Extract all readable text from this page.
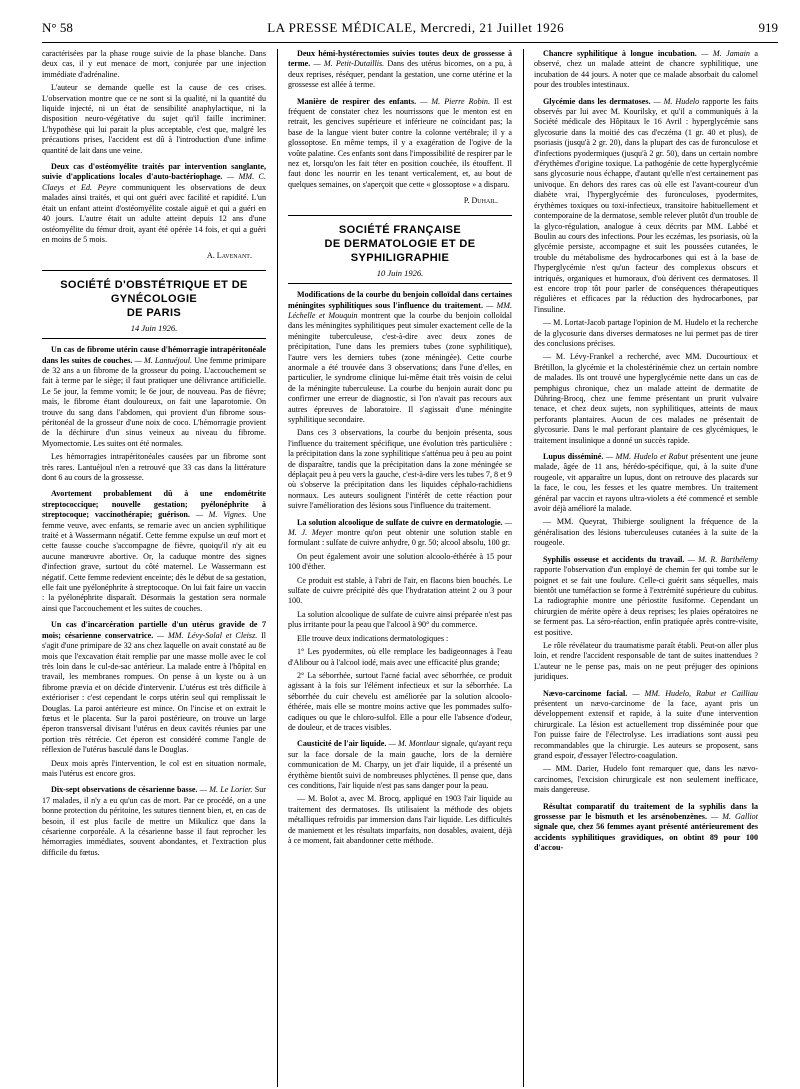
N° 58	LA PRESSE MÉDICALE, Mercredi, 21 Juillet 1926	919

caractérisées par la phase rouge suivie de la phase blanche. Dans deux cas, il y eut menace de mort, conjurée par une injection immédiate d'adrénaline.

L'auteur se demande quelle est la cause de ces crises. L'observation montre que ce ne sont si la qualité, ni la quantité du liquide injecté, ni un état de sensibilité anaphylactique, ni la disposition neuro-végétative du sujet qu'il faille incriminer. L'hypothèse qui lui parait la plus acceptable, c'est que, malgré les précautions prises, l'accident est dû à l'introduction d'une infime quantité de lait dans une veine.

Deux cas d'ostéomyélite traités par intervention sanglante, suivie d'applications locales d'auto-bactériophage. — MM. C. Claeys et Ed. Peyre communiquent les observations de deux malades ainsi traités, et qui ont guéri avec facilité et rapidité. L'un était un enfant atteint d'ostéomyélite costale aiguë et qui a guéri en 40 jours. L'autre était un adulte atteint depuis 12 ans d'une ostéomyélite du fémur droit, ayant été opérée 14 fois, et qui a guéri en moins de 5 mois.

A. Lavenant.

SOCIÉTÉ D'OBSTÉTRIQUE ET DE GYNÉCOLOGIE
DE PARIS
14 Juin 1926.

Un cas de fibrome utérin cause d'hémorragie intrapéritonéale dans les suites de couches. — M. Lantuéjoul. Une femme primipare de 32 ans a un fibrome de la grosseur du poing. L'accouchement se fait à terme par le siège; il faut pratiquer une délivrance artificielle. Le 5e jour, la femme vomit; le 6e jour, de nouveau. Pas de fièvre; mais, le fibrome étant douloureux, on fait une laparotomie. On trouve du sang dans l'abdomen, qui provient d'un fibrome sous-péritonéal de la grosseur d'une noix de coco. L'hémorragie provient de la déchirure d'un sinus veineux au niveau du fibrome. Myomectomie. Les suites ont été normales.

Les hémorragies intrapéritonéales causées par un fibrome sont très rares. Lantuéjoul n'en a retrouvé que 33 cas dans la littérature dont 6 au cours de la grossesse.

Avortement probablement dû à une endométrite streptococcique; nouvelle gestation; pyélonéphrite à streptocoque; vaccinothérapie; guérison. — M. Vignes. Une femme veuve, avec enfants, se remarie avec un ancien syphilitique traité et à Wassermann négatif. Cette femme expulse un œuf mort et cette fausse couche s'accompagne de fièvre, quoiqu'il n'y ait eu aucune manœuvre abortive. Or, la caduque montre des signes d'infection grave, surtout du côté maternel. Le Wassermann est négatif. Cette femme redevient enceinte; dès le début de sa gestation, elle fait une pyélonéphrite à streptocoque. On lui fait faire un vaccin : la pyélonéphrite disparaît. Désormais la gestation sera normale ainsi que l'accouchement et les suites de couches.

Un cas d'incarcération partielle d'un utérus gravide de 7 mois; césarienne conservatrice. — MM. Lévy-Solal et Cleisz. Il s'agit d'une primipare de 32 ans chez laquelle on avait constaté au 8e mois que l'excavation était remplie par une masse molle avec le col très loin dans le cul-de-sac antérieur. La malade entre à l'hôpital en travail, les membranes rompues. On pense à un kyste ou à un fibrome prævia et on décide d'intervenir. L'utérus est très difficile à extérioriser : c'est cependant le corps utérin seul qui remplissait le Douglas. La paroi antérieure est mince. On l'incise et on extrait le fœtus et le placenta. Sur la paroi postérieure, on trouve un large éperon transversal divisant l'utérus en deux cavités réunies par une portion très rétrécie. Cet éperon est considéré comme l'angle de réflexion de l'utérus basculé dans le Douglas.

Deux mois après l'intervention, le col est en situation normale, mais l'utérus est encore gros.

Dix-sept observations de césarienne basse. — M. Le Lorier. Sur 17 malades, il n'y a eu qu'un cas de mort. Par ce procédé, on a une bonne protection du péritoine, les sutures tiennent bien, et, en cas de besoin, il est plus facile de mettre un Mikulicz que dans la césarienne corporéale. A la césarienne basse il faut reprocher les hémorragies immédiates, souvent abondantes, et l'extraction plus difficile du fœtus.

Deux hémi-hystérectomies suivies toutes deux de grossesse à terme. — M. Petit-Dutaillis. Dans des utérus bicornes, on a pu, à deux reprises, réséquer, pendant la gestation, une corne utérine et la grossesse est allée à terme.

Manière de respirer des enfants. — M. Pierre Robin. Il est fréquent de constater chez les nourrissons que le menton est en retrait, les gencives supérieure et inférieure ne coïncidant pas; la base de la langue vient buter contre la colonne vertébrale; il y a glossoptose. En même temps, il y a exagération de l'ogive de la voûte palatine. Ces enfants sont dans l'impossibilité de respirer par le nez et, lorsqu'on les fait téter en position couchée, ils étouffent. Il faut donc les nourrir en les tenant verticalement, et, au bout de quelques semaines, on s'aperçoit que cette « glossoptose » a disparu.

P. Duhail.

SOCIÉTÉ FRANÇAISE
DE DERMATOLOGIE ET DE SYPHILIGRAPHIE
10 Juin 1926.

Modifications de la courbe du benjoin colloïdal dans certaines méningites syphilitiques sous l'influence du traitement. — MM. Léchelle et Mouquin montrent que la courbe du benjoin colloïdal dans les méningites syphilitiques peut simuler exactement celle de la méningite tuberculeuse, c'est-à-dire avec deux zones de précipitation, l'une dans les premiers tubes (zone syphilitique), l'autre vers les derniers tubes (zone méningée). Cette courbe anormale a été trouvée dans 3 observations; dans l'une d'elles, en particulier, le syndrome clinique lui-même était très voisin de celui de la méningite tuberculeuse. La courbe du benjoin aurait donc pu confirmer une erreur de diagnostic, si l'on n'avait pas recours aux autres épreuves de laboratoire. Il s'agissait d'une méningite syphilitique secondaire.

Dans ces 3 observations, la courbe du benjoin présenta, sous l'influence du traitement spécifique, une évolution très particulière : la précipitation dans la zone syphilitique s'atténua peu à peu au point de disparaître, tandis que la précipitation dans la zone méningée se déplaçait peu à peu vers la gauche, c'est-à-dire vers les tubes 7, 8 et 9 où s'observe la précipitation dans les liquides céphalo-rachidiens normaux. Les auteurs soulignent l'intérêt de cette réaction pour suivre l'amélioration des lésions sous l'influence du traitement.

La solution alcoolique de sulfate de cuivre en dermatologie. — M. J. Meyer montre qu'on peut obtenir une solution stable en formulant : sulfate de cuivre anhydre, 0 gr. 50; alcool absolu, 100 gr.

On peut également avoir une solution alcoolo-éthérée à 15 pour 100 d'éther.

Ce produit est stable, à l'abri de l'air, en flacons bien bouchés. Le sulfate de cuivre précipité dès que l'hydratation atteint 2 ou 3 pour 100.

La solution alcoolique de sulfate de cuivre ainsi préparée n'est pas plus irritante pour la peau que l'alcool à 90° du commerce.

Elle trouve deux indications dermatologiques :

1° Les pyodermites, où elle remplace les badigeonnages à l'eau d'Alibour ou à l'alcool iodé, mais avec une efficacité plus grande;

2° La séborrhée, surtout l'acné facial avec séborrhée, ce produit agissant à la fois sur l'élément infectieux et sur la séborrhée. La séborrhée du cuir chevelu est améliorée par la solution alcoolo-éthérée, mais elle se montre moins active que les pommades sulfo-cadiques ou que le chloro-sulfol. Elle a pour elle l'absence d'odeur, de douleur, et de traces visibles.

Causticité de l'air liquide. — M. Montlaur signale, qu'ayant reçu sur la face dorsale de la main gauche, lors de la dernière communication de M. Charpy, un jet d'air liquide, il a présenté un érythème bientôt suivi de nombreuses phlyctènes. Il pense que, dans ces conditions, l'air liquide n'est pas sans danger pour la peau.

— M. Bolot a, avec M. Brocq, appliqué en 1903 l'air liquide au traitement des dermatoses. Ils utilisaient la méthode des objets métalliques refroidis par immersion dans l'air liquide. Les difficultés de maniement et les résultats imparfaits, non dosables, avaient, déjà à ce moment, fait abandonner cette méthode.

Chancre syphilitique à longue incubation. — M. Jamain a observé, chez un malade atteint de chancre syphilitique, une incubation de 44 jours. A noter que ce malade absorbait du calomel pour des troubles intestinaux.

Glycémie dans les dermatoses. — M. Hudelo rapporte les faits observés par lui avec M. Kourilsky, et qu'il a communiqués à la Société médicale des Hôpitaux le 16 Avril : hyperglycémie sans glycosurie dans la moitié des cas d'eczéma (1 gr. 40 et plus), de psoriasis (jusqu'à 2 gr. 20), dans la plupart des cas de furonculose et d'infections pyodermiques (jusqu'à 2 gr. 50), dans un certain nombre d'érythèmes d'origine toxique. La pathogénie de cette hyperglycémie sans glycosurie nous échappe, d'autant qu'elle n'est certainement pas univoque. En dehors des rares cas où elle est l'avant-coureur d'un diabète vrai, l'hyperglycémie des furonculoses, pyodermites, érythèmes toxiques ou toxi-infectieux, transitoire habituellement et contemporaine de la dermatose, semble relever plutôt d'un trouble de la glyco-régulation, analogue à ceux décrits par MM. Labbé et Boulin au cours des infections. Pour les eczémas, les psoriasis, où la glycémie persiste, accompagne et suit les poussées cutanées, le trouble du métabolisme des hydrocarbones qui est à la base de l'hyperglycémie n'est qu'un facteur des complexus obscurs et intriqués, organiques et humoraux, d'où dérivent ces dermatoses. Il est encore trop tôt pour parler de conséquences thérapeutiques régulières et efficaces par la réduction des hydrocarbones, par l'insuline.

— M. Lortat-Jacob partage l'opinion de M. Hudelo et la recherche de la glycosurie dans diverses dermatoses ne lui permet pas de tirer des conclusions précises.

— M. Lévy-Frankel a recherché, avec MM. Ducourtioux et Brétillon, la glycémie et la cholestérinémie chez un certain nombre de malades. Ils ont trouvé une hyperglycémie nette dans un cas de pemphigus chronique, chez un malade atteint de dermatite de Dühring-Brocq, chez une femme présentant un prurit vulvaire tenace, et chez deux sujets, non syphilitiques, atteints de maux perforants plantaires. Aucun de ces malades ne présentait de glycosurie. Dans le mal perforant plantaire de ces glycémiques, le traitement insulinique a donné un succès rapide.

Lupus disséminé. — MM. Hudelo et Rabut présentent une jeune malade, âgée de 11 ans, hérédo-spécifique, qui, à la suite d'une rougeole, vit apparaître un lupus, dont on retrouve des placards sur la face, le cou, les fesses et les quatre membres. Un traitement général par vaccin et rayons ultra-violets a été commencé et semble avoir déjà amélioré la malade.

— MM. Queyrat, Thibierge soulignent la fréquence de la généralisation des lésions tuberculeuses cutanées à la suite de la rougeole.

Syphilis osseuse et accidents du travail. — M. R. Barthélemy rapporte l'observation d'un employé de chemin fer qui tombe sur le poignet et se fait une foulure. Celle-ci guérit sans séquelles, mais bientôt une tuméfaction se forme à l'extrémité supérieure du cubitus. La radiographie montre une périostite fusiforme. Cependant un chirurgien de mérite opère à deux reprises; les plaies opératoires ne se ferment pas. La séro-réaction, enfin pratiquée après contre-visite, est positive.

Le rôle révélateur du traumatisme paraît établi. Peut-on aller plus loin, et rendre l'accident responsable de tant de suites inattendues ? L'auteur ne le pense pas, mais on ne peut préjuger des opinions juridiques.

Nævo-carcinome facial. — MM. Hudelo, Rabut et Cailliau présentent un nævo-carcinome de la face, ayant pris un développement extensif et rapide, à la suite d'une intervention chirurgicale. La lésion est actuellement trop disséminée pour que l'on puisse faire de l'électrolyse. Les irradiations sont aussi peu recommandables que la chirurgie. Les auteurs se proposent, sans grand espoir, d'essayer l'électro-coagulation.

— MM. Darier, Hudelo font remarquer que, dans les nævo-carcinomes, l'excision chirurgicale est non seulement inefficace, mais dangereuse.

Résultat comparatif du traitement de la syphilis dans la grossesse par le bismuth et les arsénobenzènes. — M. Galliot signale que, chez 56 femmes ayant présenté antérieurement des accidents syphilitiques gravidiques, on obtint 89 pour 100 d'accou-
